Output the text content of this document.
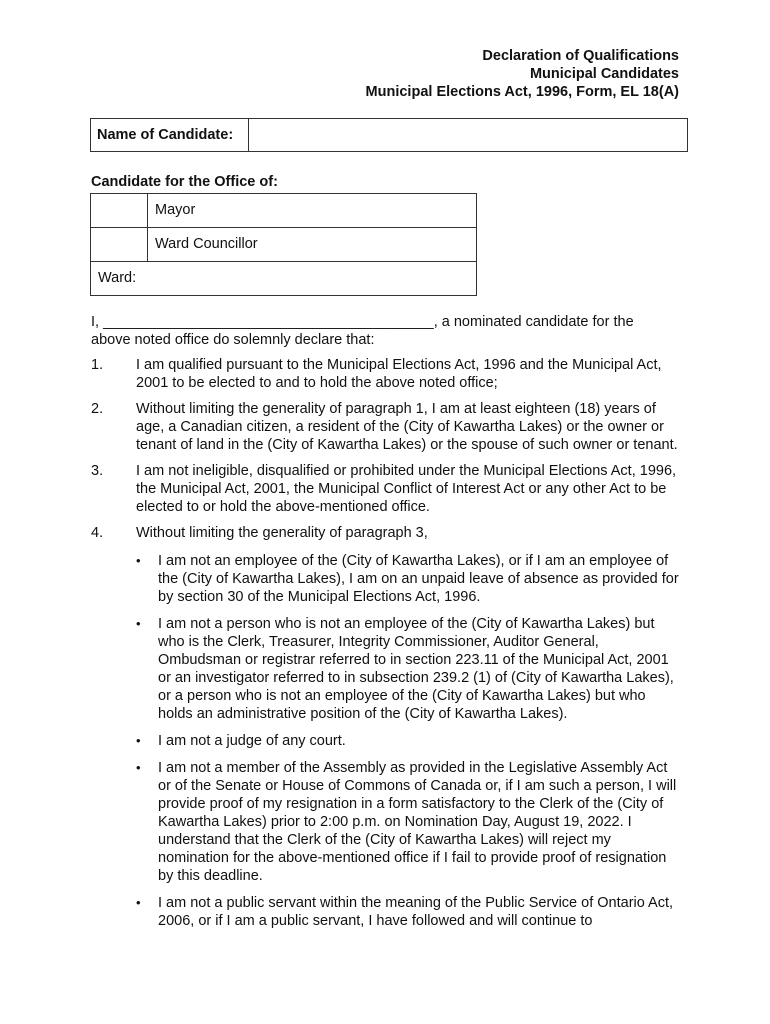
Declaration of Qualifications
Municipal Candidates
Municipal Elections Act, 1996, Form, EL 18(A)
Name of Candidate:
Candidate for the Office of:
Mayor
Ward Councillor
Ward:
I, _________________________________________, a nominated candidate for the above noted office do solemnly declare that:
1.	I am qualified pursuant to the Municipal Elections Act, 1996 and the Municipal Act, 2001 to be elected to and to hold the above noted office;
2.	Without limiting the generality of paragraph 1, I am at least eighteen (18) years of age, a Canadian citizen, a resident of the (City of Kawartha Lakes) or the owner or tenant of land in the (City of Kawartha Lakes) or the spouse of such owner or tenant.
3.	I am not ineligible, disqualified or prohibited under the Municipal Elections Act, 1996, the Municipal Act, 2001, the Municipal Conflict of Interest Act or any other Act to be elected to or hold the above-mentioned office.
4.	Without limiting the generality of paragraph 3,
•	I am not an employee of the (City of Kawartha Lakes), or if I am an employee of the (City of Kawartha Lakes), I am on an unpaid leave of absence as provided for by section 30 of the Municipal Elections Act, 1996.
•	I am not a person who is not an employee of the (City of Kawartha Lakes) but who is the Clerk, Treasurer, Integrity Commissioner, Auditor General, Ombudsman or registrar referred to in section 223.11 of the Municipal Act, 2001 or an investigator referred to in subsection 239.2 (1) of (City of Kawartha Lakes), or a person who is not an employee of the (City of Kawartha Lakes) but who holds an administrative position of the (City of Kawartha Lakes).
•	I am not a judge of any court.
•	I am not a member of the Assembly as provided in the Legislative Assembly Act or of the Senate or House of Commons of Canada or, if I am such a person, I will provide proof of my resignation in a form satisfactory to the Clerk of the (City of Kawartha Lakes) prior to 2:00 p.m. on Nomination Day, August 19, 2022. I understand that the Clerk of the (City of Kawartha Lakes) will reject my nomination for the above-mentioned office if I fail to provide proof of resignation by this deadline.
•	I am not a public servant within the meaning of the Public Service of Ontario Act, 2006, or if I am a public servant, I have followed and will continue to
